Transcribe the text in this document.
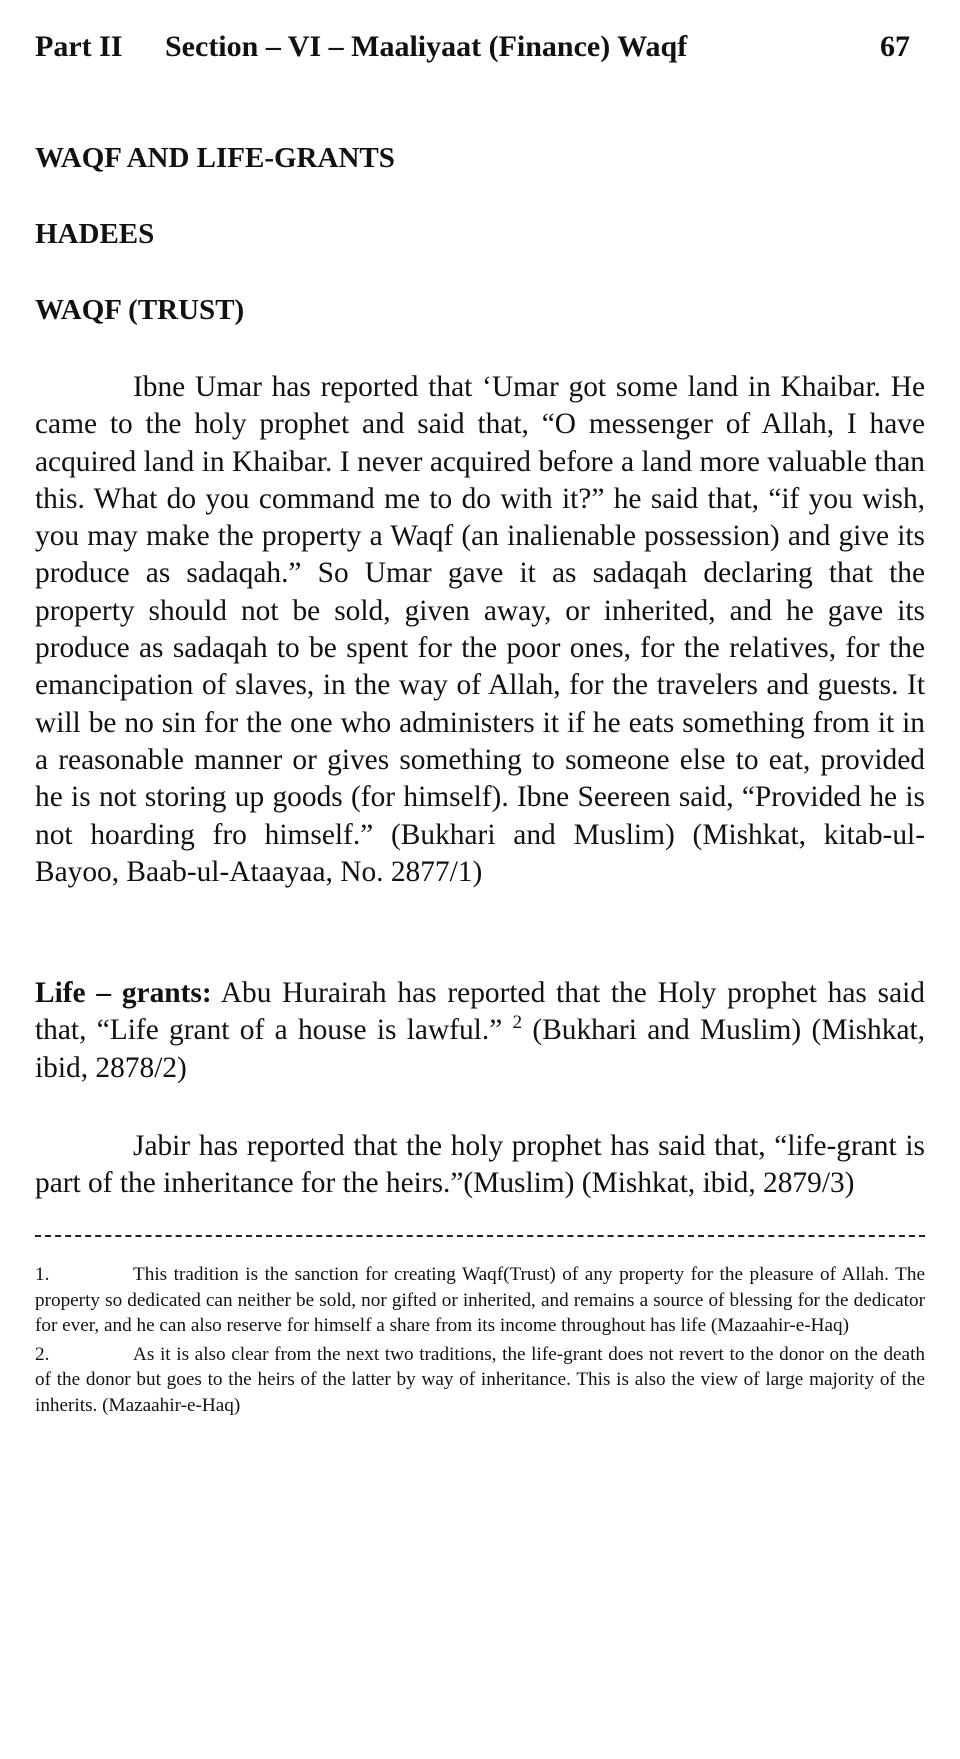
Part II Section – VI – Maaliyaat (Finance) Waqf	67
WAQF AND LIFE-GRANTS
HADEES
WAQF (TRUST)

Ibne Umar has reported that ‘Umar got some land in Khaibar. He came to the holy prophet and said that, “O messenger of Allah, I have acquired land in Khaibar. I never acquired before a land more valuable than this. What do you command me to do with it?” he said that, “if you wish, you may make the property a Waqf (an inalienable possession) and give its produce as sadaqah.” So Umar gave it as sadaqah declaring that the property should not be sold, given away, or inherited, and he gave its produce as sadaqah to be spent for the poor ones, for the relatives, for the emancipation of slaves, in the way of Allah, for the travelers and guests. It will be no sin for the one who administers it if he eats something from it in a reasonable manner or gives something to someone else to eat, provided he is not storing up goods (for himself). Ibne Seereen said, “Provided he is not hoarding fro himself.” (Bukhari and Muslim) (Mishkat, kitab-ul-Bayoo, Baab-ul-Ataayaa, No. 2877/1)

Life – grants: Abu Hurairah has reported that the Holy prophet has said that, “Life grant of a house is lawful.” $^2$ (Bukhari and Muslim) (Mishkat, ibid, 2878/2)

Jabir has reported that the holy prophet has said that, “life-grant is part of the inheritance for the heirs.”(Muslim) (Mishkat, ibid, 2879/3)

1.	This tradition is the sanction for creating Waqf(Trust) of any property for the pleasure of Allah. The property so dedicated can neither be sold, nor gifted or inherited, and remains a source of blessing for the dedicator for ever, and he can also reserve for himself a share from its income throughout has life (Mazaahir-e-Haq)

2.	As it is also clear from the next two traditions, the life-grant does not revert to the donor on the death of the donor but goes to the heirs of the latter by way of inheritance. This is also the view of large majority of the inherits. (Mazaahir-e-Haq)
